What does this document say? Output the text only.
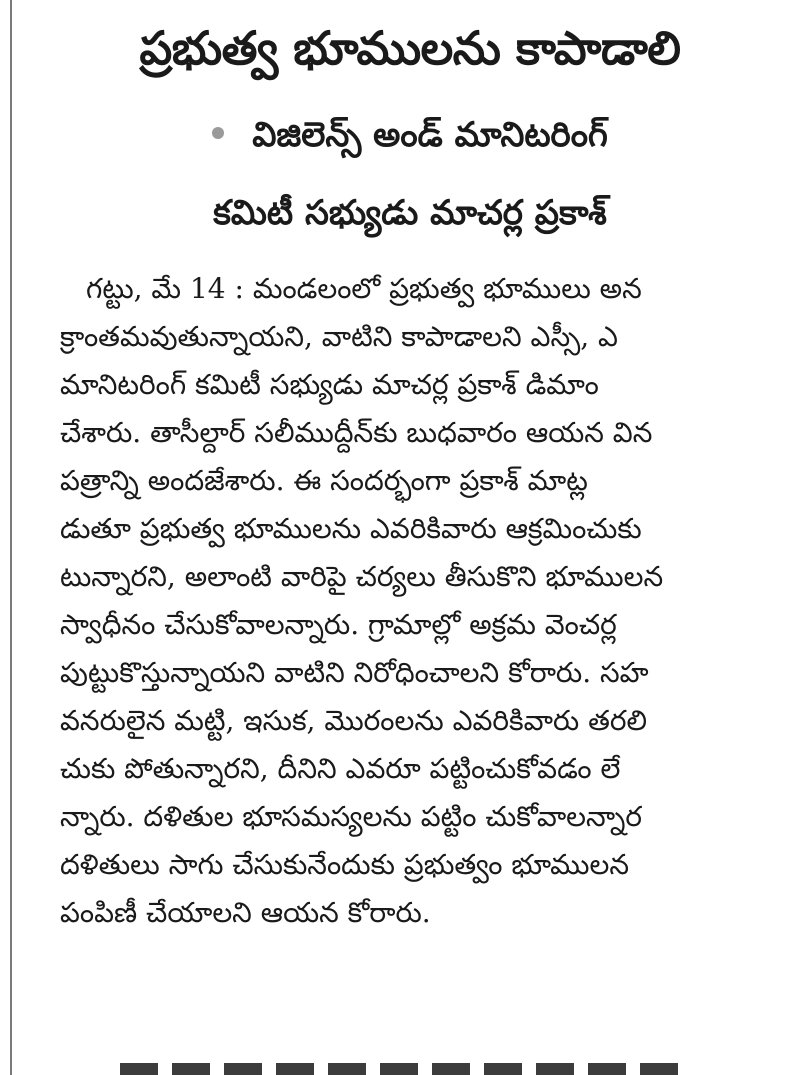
ప్రభుత్వ భూములను కాపాడాలి
విజిలెన్స్ అండ్ మానిటరింగ్
కమిటీ సభ్యుడు మాచర్ల ప్రకాశ్
గట్టు, మే 14 : మండలంలో ప్రభుత్వ భూములు అన
క్రాంతమవుతున్నాయని, వాటిని కాపాడాలని ఎస్సీ, ఎ
మానిటరింగ్ కమిటీ సభ్యుడు మాచర్ల ప్రకాశ్ డిమాం
చేశారు. తాసీల్దార్ సలీముద్దీన్‌కు బుధవారం ఆయన విన
పత్రాన్ని అందజేశారు. ఈ సందర్భంగా ప్రకాశ్ మాట్ల
డుతూ ప్రభుత్వ భూములను ఎవరికివారు ఆక్రమించుకు
టున్నారని, అలాంటి వారిపై చర్యలు తీసుకొని భూములన
స్వాధీనం చేసుకోవాలన్నారు. గ్రామాల్లో అక్రమ వెంచర్ల
పుట్టుకొస్తున్నాయని వాటిని నిరోధించాలని కోరారు. సహ
వనరులైన మట్టి, ఇసుక, మొరంలను ఎవరికివారు తరలి
చుకు పోతున్నారని, దీనిని ఎవరూ పట్టించుకోవడం లే
న్నారు. దళితుల భూసమస్యలను పట్టిం చుకోవాలన్నార
దళితులు సాగు చేసుకునేందుకు ప్రభుత్వం భూములన
పంపిణీ చేయాలని ఆయన కోరారు.
